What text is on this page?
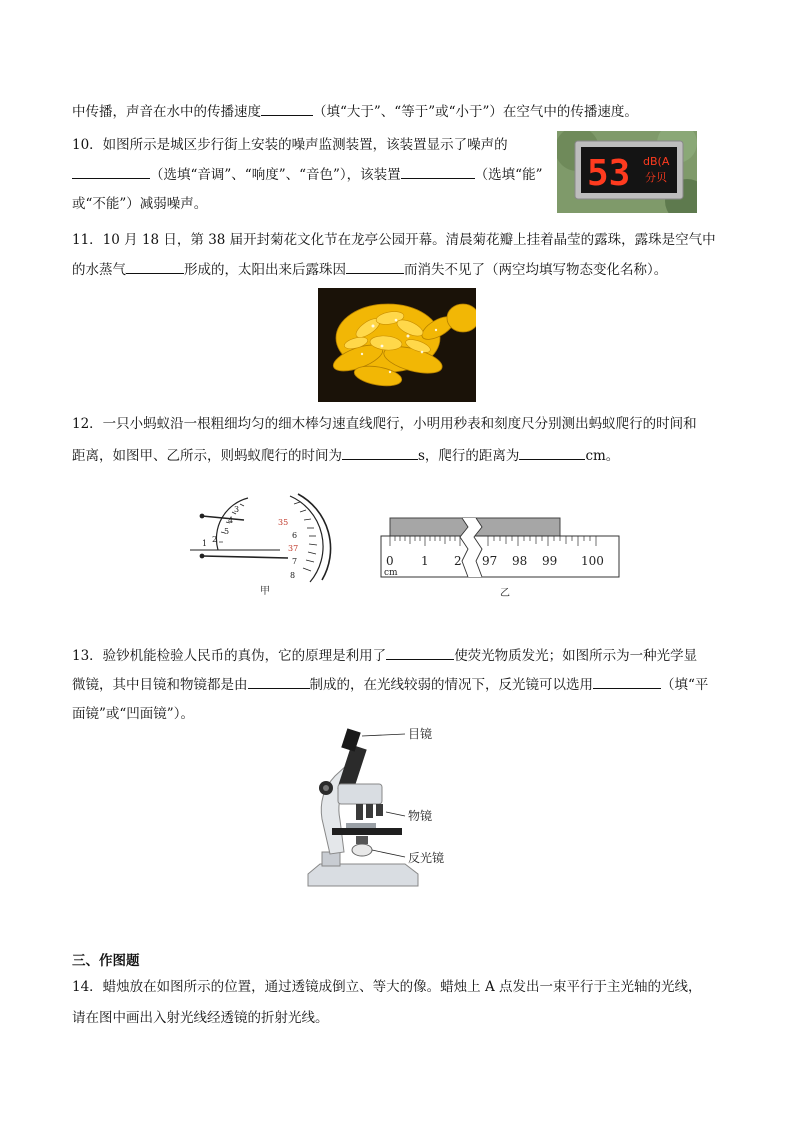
中传播，声音在水中的传播速度	（填“大于”、“等于”或“小于”）在空气中的传播速度。
10．如图所示是城区步行街上安装的噪声监测装置，该装置显示了噪声的
（选填“音调”、“响度”、“音色”），该装置	（选填“能”
或“不能”）减弱噪声。
53 dB(A
分贝
11．10 月 18 日，第 38 届开封菊花文化节在龙亭公园开幕。清晨菊花瓣上挂着晶莹的露珠，露珠是空气中
的水蒸气	形成的，太阳出来后露珠因	而消失不见了（两空均填写物态变化名称）。
12．一只小蚂蚁沿一根粗细均匀的细木棒匀速直线爬行，小明用秒表和刻度尺分别测出蚂蚁爬行的时间和
距离，如图甲、乙所示，则蚂蚁爬行的时间为	s，爬行的距离为	cm。
3
4
5
1 2
35
6
37
7
8
甲
0 1 2 97 98 99 100
cm
乙
13．验钞机能检验人民币的真伪，它的原理是利用了	使荧光物质发光；如图所示为一种光学显
微镜，其中目镜和物镜都是由	制成的，在光线较弱的情况下，反光镜可以选用	（填“平
面镜”或“凹面镜”）。
目镜
物镜
反光镜
三、作图题
14．蜡烛放在如图所示的位置，通过透镜成倒立、等大的像。蜡烛上 A 点发出一束平行于主光轴的光线，
请在图中画出入射光线经透镜的折射光线。
